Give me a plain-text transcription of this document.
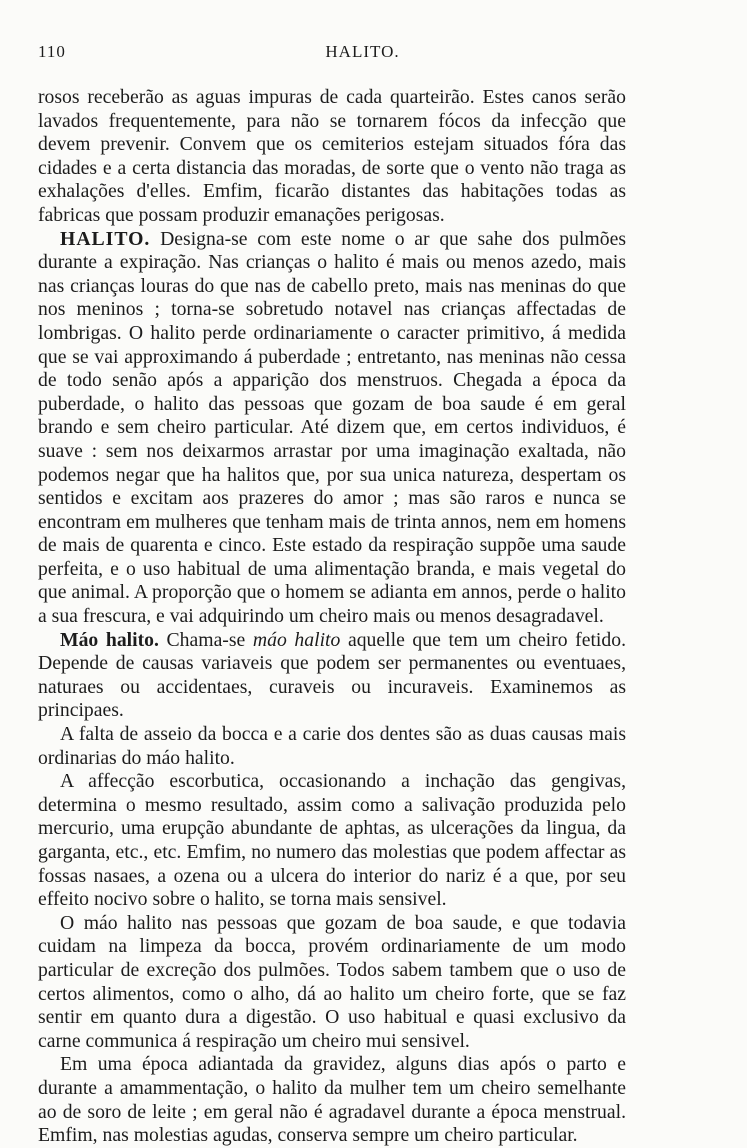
110	HALITO.

rosos receberão as aguas impuras de cada quarteirão. Estes canos serão lavados frequentemente, para não se tornarem fócos da infecção que devem prevenir. Convem que os cemiterios estejam situados fóra das cidades e a certa distancia das moradas, de sorte que o vento não traga as exhalações d'elles. Emfim, ficarão distantes das habitações todas as fabricas que possam produzir emanações perigosas.

HALITO. Designa-se com este nome o ar que sahe dos pulmões durante a expiração. Nas crianças o halito é mais ou menos azedo, mais nas crianças louras do que nas de cabello preto, mais nas meninas do que nos meninos ; torna-se sobretudo notavel nas crianças affectadas de lombrigas. O halito perde ordinariamente o caracter primitivo, á medida que se vai approximando á puberdade ; entretanto, nas meninas não cessa de todo senão após a apparição dos menstruos. Chegada a época da puberdade, o halito das pessoas que gozam de boa saude é em geral brando e sem cheiro particular. Até dizem que, em certos individuos, é suave : sem nos deixarmos arrastar por uma imaginação exaltada, não podemos negar que ha halitos que, por sua unica natureza, despertam os sentidos e excitam aos prazeres do amor ; mas são raros e nunca se encontram em mulheres que tenham mais de trinta annos, nem em homens de mais de quarenta e cinco. Este estado da respiração suppõe uma saude perfeita, e o uso habitual de uma alimentação branda, e mais vegetal do que animal. A proporção que o homem se adianta em annos, perde o halito a sua frescura, e vai adquirindo um cheiro mais ou menos desagradavel.

Máo halito. Chama-se máo halito aquelle que tem um cheiro fetido. Depende de causas variaveis que podem ser permanentes ou eventuaes, naturaes ou accidentaes, curaveis ou incuraveis. Examinemos as principaes.

A falta de asseio da bocca e a carie dos dentes são as duas causas mais ordinarias do máo halito.

A affecção escorbutica, occasionando a inchação das gengivas, determina o mesmo resultado, assim como a salivação produzida pelo mercurio, uma erupção abundante de aphtas, as ulcerações da lingua, da garganta, etc., etc. Emfim, no numero das molestias que podem affectar as fossas nasaes, a ozena ou a ulcera do interior do nariz é a que, por seu effeito nocivo sobre o halito, se torna mais sensivel.

O máo halito nas pessoas que gozam de boa saude, e que todavia cuidam na limpeza da bocca, provém ordinariamente de um modo particular de excreção dos pulmões. Todos sabem tambem que o uso de certos alimentos, como o alho, dá ao halito um cheiro forte, que se faz sentir em quanto dura a digestão. O uso habitual e quasi exclusivo da carne communica á respiração um cheiro mui sensivel.

Em uma época adiantada da gravidez, alguns dias após o parto e durante a amammentação, o halito da mulher tem um cheiro semelhante ao de soro de leite ; em geral não é agradavel durante a época menstrual. Emfim, nas molestias agudas, conserva sempre um cheiro particular.
